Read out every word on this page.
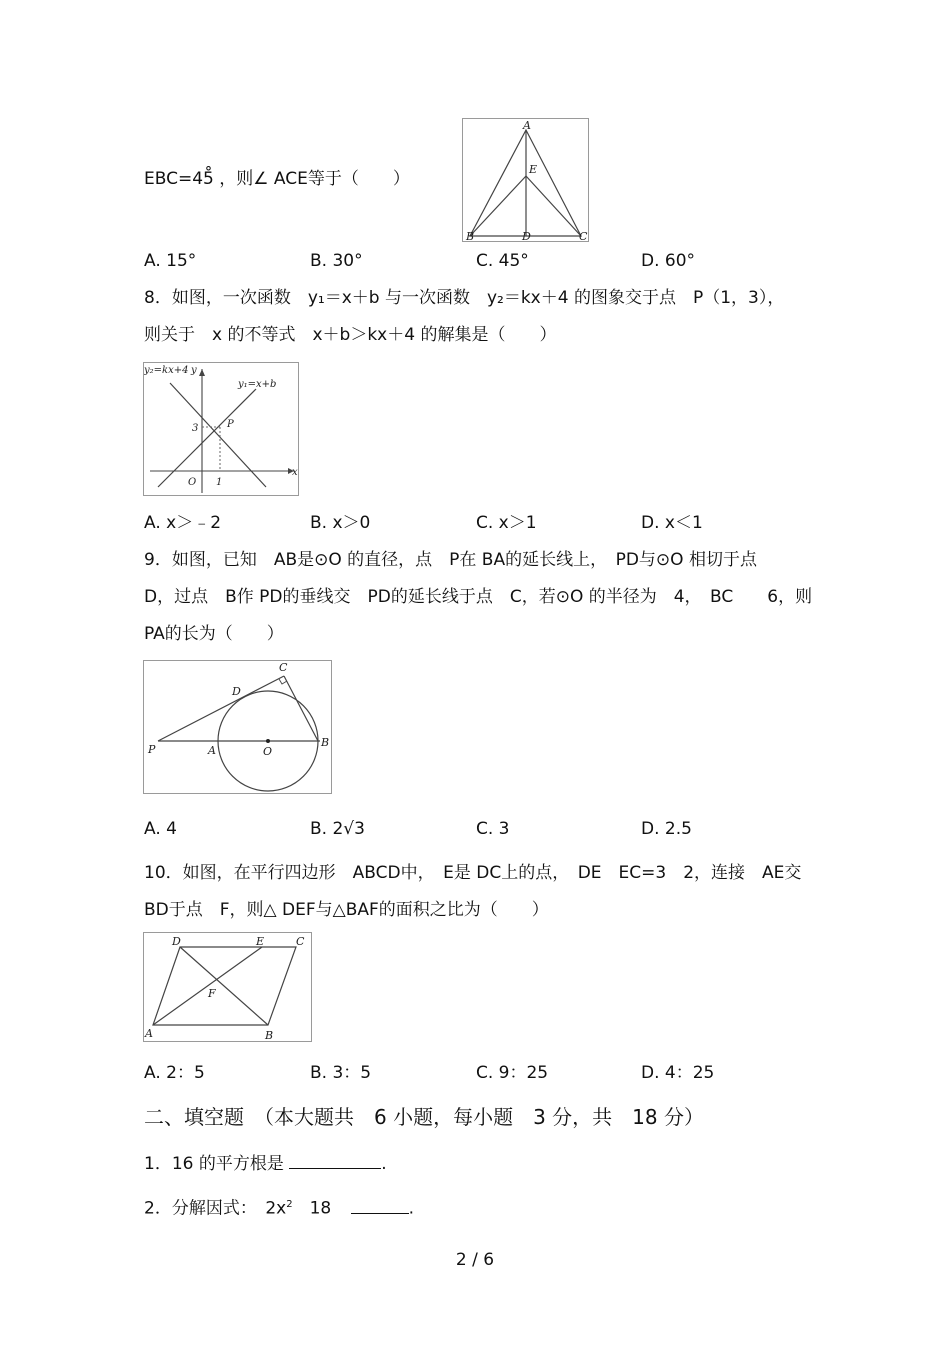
EBC=45̊ ，则∠ ACE等于（　　）
A
E
B	D	C
A. 15°	B. 30°	C. 45°	D. 60°
8．如图，一次函数　y₁＝x＋b 与一次函数　y₂＝kx＋4 的图象交于点　P（1，3），
则关于　x 的不等式　x＋b＞kx＋4 的解集是（　　）
y₂=kx+4 y
y₁=x+b
3	P
O 1
x
A. x＞﹣2	B. x＞0	C. x＞1	D. x＜1
9．如图，已知　AB是⊙O 的直径，点　P在 BA的延长线上，　PD与⊙O 相切于点
D，过点　B作 PD的垂线交　PD的延长线于点　C，若⊙O 的半径为　4，　BC　　6，则
PA的长为（　　）
C
D
P	A	O
B
A. 4	B. 2√3	C. 3	D. 2.5
10．如图，在平行四边形　ABCD中，　E是 DC上的点，　DE　EC=3　2，连接　AE交
BD于点　F，则△ DEF与△BAF的面积之比为（　　）
D	E	C
F
A	B
A. 2：5	B. 3：5	C. 9：25	D. 4：25
二、填空题　（本大题共　6 小题，每小题　3 分，共　18 分）
1．16 的平方根是	.
2．分解因式：　$2x^2$　18	.
2 / 6
